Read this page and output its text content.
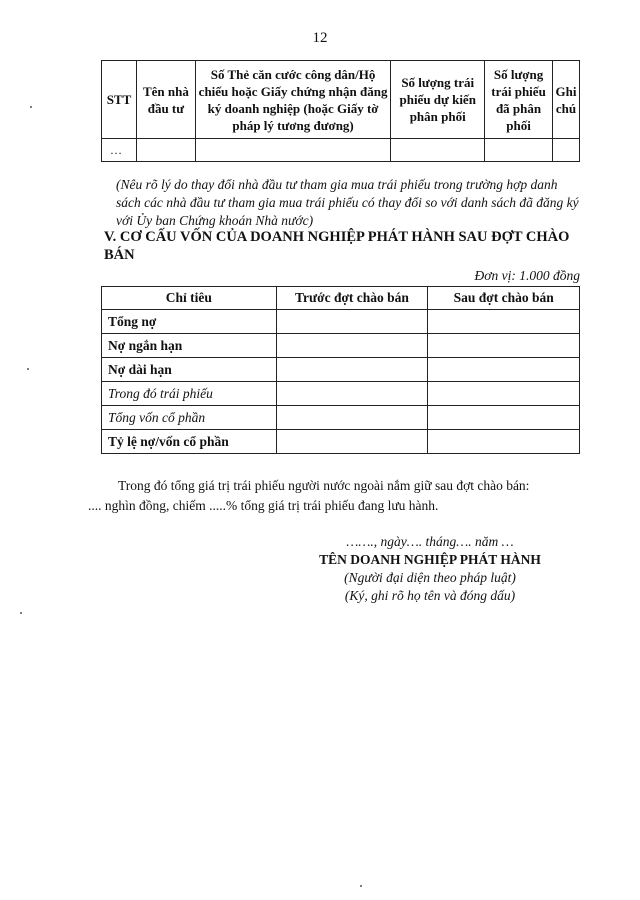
12
STT	Tên nhà đầu tư	Số Thẻ căn cước công dân/Hộ chiếu hoặc Giấy chứng nhận đăng ký doanh nghiệp (hoặc Giấy tờ pháp lý tương đương)	Số lượng trái phiếu dự kiến phân phối	Số lượng trái phiếu đã phân phối	Ghi chú
…					
(Nêu rõ lý do thay đổi nhà đầu tư tham gia mua trái phiếu trong trường hợp danh sách các nhà đầu tư tham gia mua trái phiếu có thay đổi so với danh sách đã đăng ký với Ủy ban Chứng khoán Nhà nước)
V. CƠ CẤU VỐN CỦA DOANH NGHIỆP PHÁT HÀNH SAU ĐỢT CHÀO BÁN
Đơn vị: 1.000 đồng
Chỉ tiêu	Trước đợt chào bán	Sau đợt chào bán
Tổng nợ		
Nợ ngắn hạn		
Nợ dài hạn		
Trong đó trái phiếu		
Tổng vốn cổ phần		
Tỷ lệ nợ/vốn cổ phần		

Trong đó tổng giá trị trái phiếu người nước ngoài nắm giữ sau đợt chào bán:

.... nghìn đồng, chiếm .....% tổng giá trị trái phiếu đang lưu hành.

……., ngày…. tháng…. năm …
TÊN DOANH NGHIỆP PHÁT HÀNH
(Người đại diện theo pháp luật)
(Ký, ghi rõ họ tên và đóng dấu)
